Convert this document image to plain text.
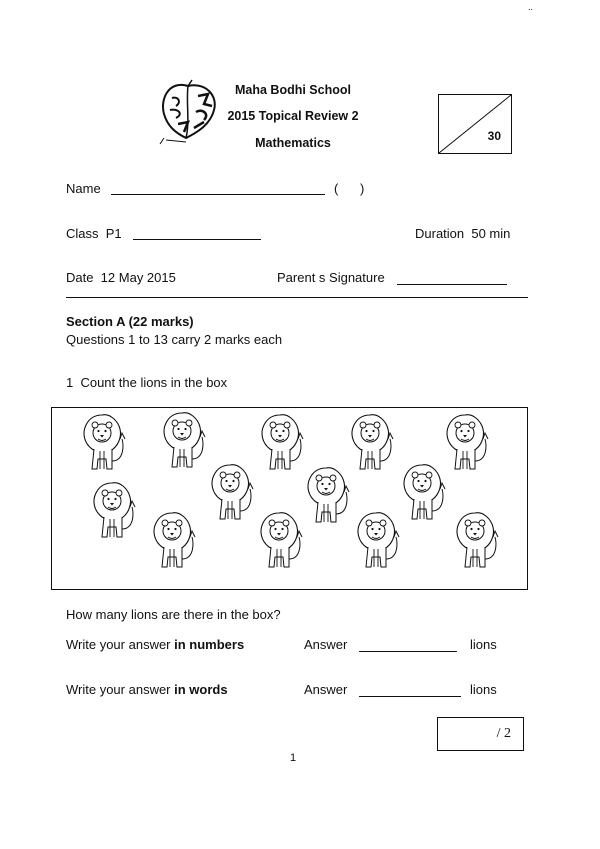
..
Maha Bodhi School
2015 Topical Review 2
Mathematics	30
Name	(      )
Class  P1	Duration  50 min
Date  12 May 2015	Parent s Signature
Section A (22 marks)
Questions 1 to 13 carry 2 marks each
1  Count the lions in the box
How many lions are there in the box?
Write your answer in numbers	Answer	lions
Write your answer in words	Answer	lions
/ 2
1
